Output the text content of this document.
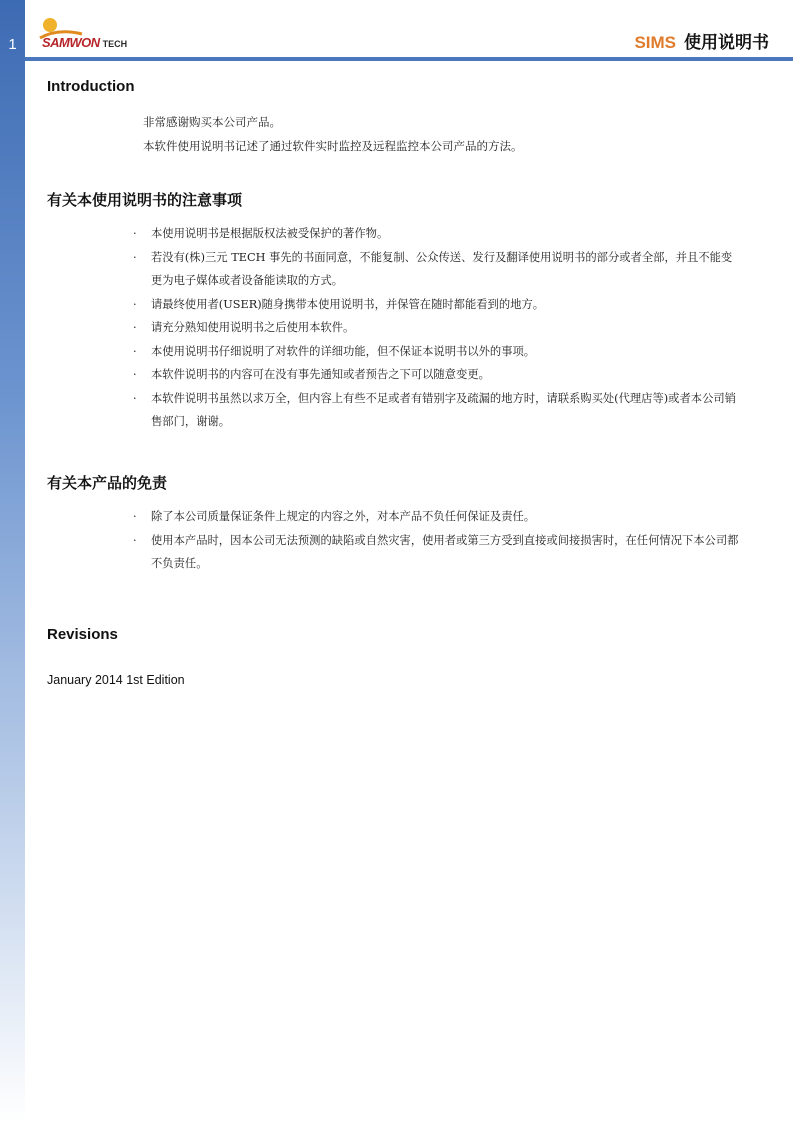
1	SAMWON TECH	SIMS 使用说明书
Introduction
非常感谢购买本公司产品。
本软件使用说明书记述了通过软件实时监控及远程监控本公司产品的方法。
有关本使用说明书的注意事项
· 本使用说明书是根据版权法被受保护的著作物。
· 若没有(株)三元 TECH 事先的书面同意，不能复制、公众传送、发行及翻译使用说明书的部分或者全部，并且不能变更为电子媒体或者设备能读取的方式。
· 请最终使用者(USER)随身携带本使用说明书，并保管在随时都能看到的地方。
· 请充分熟知使用说明书之后使用本软件。
· 本使用说明书仔细说明了对软件的详细功能，但不保证本说明书以外的事项。
· 本软件说明书的内容可在没有事先通知或者预告之下可以随意变更。
· 本软件说明书虽然以求万全，但内容上有些不足或者有错别字及疏漏的地方时，请联系购买处(代理店等)或者本公司销售部门，谢谢。
有关本产品的免责
· 除了本公司质量保证条件上规定的内容之外，对本产品不负任何保证及责任。
· 使用本产品时，因本公司无法预测的缺陷或自然灾害，使用者或第三方受到直接或间接损害时，在任何情况下本公司都不负责任。
Revisions
January 2014 1st Edition
